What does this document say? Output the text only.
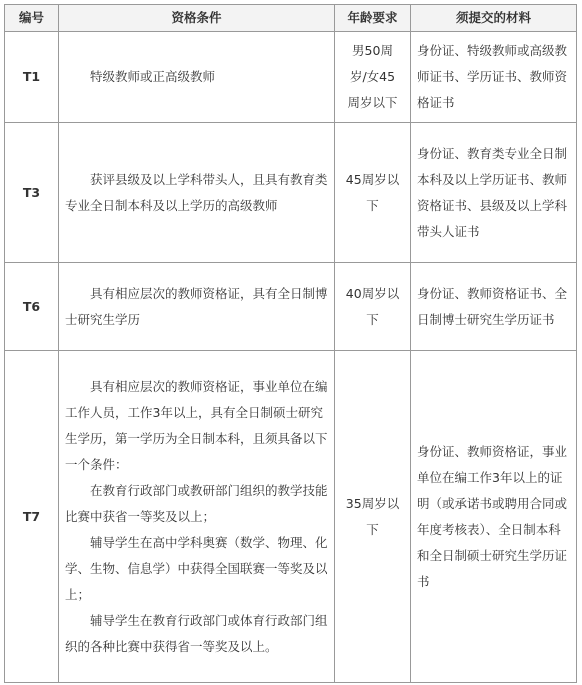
编号	资格条件	年龄要求	须提交的材料
T1	特级教师或正高级教师	男50周岁/女45周岁以下	身份证、特级教师或高级教师证书、学历证书、教师资格证书
T3	获评县级及以上学科带头人，且具有教育类专业全日制本科及以上学历的高级教师	45周岁以下	身份证、教育类专业全日制本科及以上学历证书、教师资格证书、县级及以上学科带头人证书
T6	具有相应层次的教师资格证，具有全日制博士研究生学历	40周岁以下	身份证、教师资格证书、全日制博士研究生学历证书
T7	具有相应层次的教师资格证，事业单位在编工作人员，工作3年以上，具有全日制硕士研究生学历，第一学历为全日制本科，且须具备以下一个条件：

在教育行政部门或教研部门组织的教学技能比赛中获省一等奖及以上；

辅导学生在高中学科奥赛（数学、物理、化学、生物、信息学）中获得全国联赛一等奖及以上；

辅导学生在教育行政部门或体育行政部门组织的各种比赛中获得省一等奖及以上。	35周岁以下	身份证、教师资格证，事业单位在编工作3年以上的证明（或承诺书或聘用合同或年度考核表）、全日制本科和全日制硕士研究生学历证书
